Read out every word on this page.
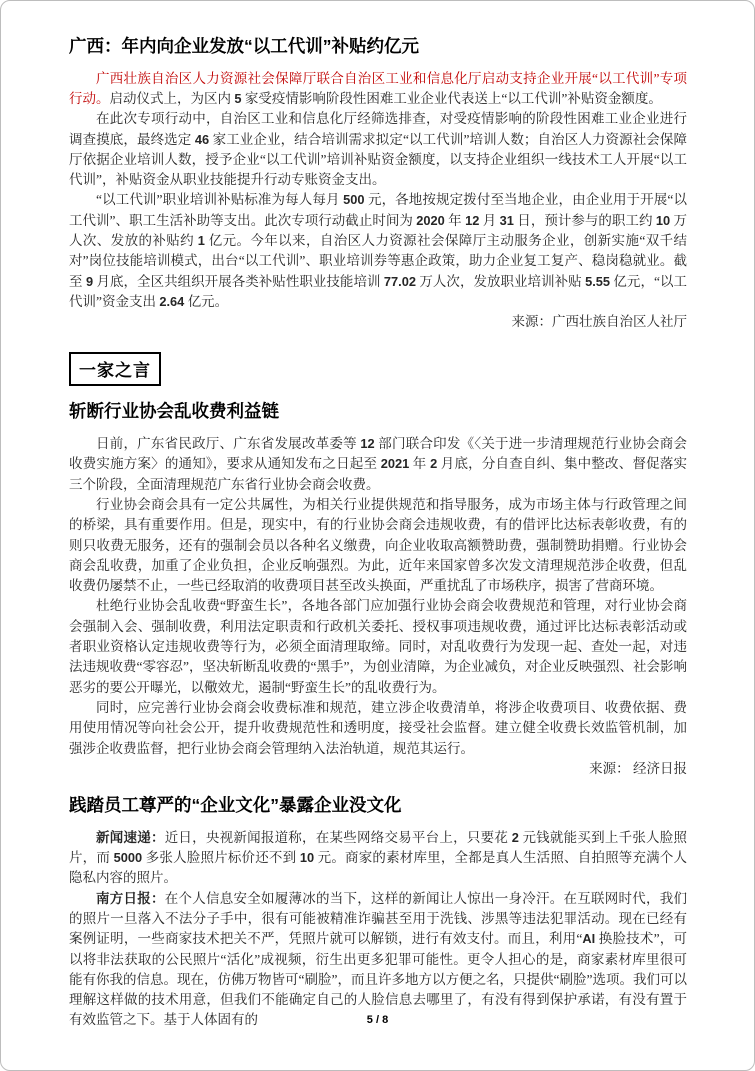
广西：年内向企业发放“以工代训”补贴约亿元

广西壮族自治区人力资源社会保障厅联合自治区工业和信息化厅启动支持企业开展“以工代训”专项行动。启动仪式上，为区内 5 家受疫情影响阶段性困难工业企业代表送上“以工代训”补贴资金额度。

在此次专项行动中，自治区工业和信息化厅经筛选排查，对受疫情影响的阶段性困难工业企业进行调查摸底，最终选定 46 家工业企业，结合培训需求拟定“以工代训”培训人数；自治区人力资源社会保障厅依据企业培训人数，授予企业“以工代训”培训补贴资金额度，以支持企业组织一线技术工人开展“以工代训”，补贴资金从职业技能提升行动专账资金支出。

“以工代训”职业培训补贴标准为每人每月 500 元，各地按规定拨付至当地企业，由企业用于开展“以工代训”、职工生活补助等支出。此次专项行动截止时间为 2020 年 12 月 31 日，预计参与的职工约 10 万人次、发放的补贴约 1 亿元。今年以来，自治区人力资源社会保障厅主动服务企业，创新实施“双千结对”岗位技能培训模式，出台“以工代训”、职业培训券等惠企政策，助力企业复工复产、稳岗稳就业。截至 9 月底，全区共组织开展各类补贴性职业技能培训 77.02 万人次，发放职业培训补贴 5.55 亿元，“以工代训”资金支出 2.64 亿元。

来源：广西壮族自治区人社厅

一家之言
斩断行业协会乱收费利益链

日前，广东省民政厅、广东省发展改革委等 12 部门联合印发《〈关于进一步清理规范行业协会商会收费实施方案〉的通知》，要求从通知发布之日起至 2021 年 2 月底，分自查自纠、集中整改、督促落实三个阶段，全面清理规范广东省行业协会商会收费。

行业协会商会具有一定公共属性，为相关行业提供规范和指导服务，成为市场主体与行政管理之间的桥梁，具有重要作用。但是，现实中，有的行业协会商会违规收费，有的借评比达标表彰收费，有的则只收费无服务，还有的强制会员以各种名义缴费，向企业收取高额赞助费，强制赞助捐赠。行业协会商会乱收费，加重了企业负担，企业反响强烈。为此，近年来国家曾多次发文清理规范涉企收费，但乱收费仍屡禁不止，一些已经取消的收费项目甚至改头换面，严重扰乱了市场秩序，损害了营商环境。

杜绝行业协会乱收费“野蛮生长”，各地各部门应加强行业协会商会收费规范和管理，对行业协会商会强制入会、强制收费，利用法定职责和行政机关委托、授权事项违规收费，通过评比达标表彰活动或者职业资格认定违规收费等行为，必须全面清理取缔。同时，对乱收费行为发现一起、查处一起，对违法违规收费“零容忍”，坚决斩断乱收费的“黑手”，为创业清障，为企业减负，对企业反映强烈、社会影响恶劣的要公开曝光，以儆效尤，遏制“野蛮生长”的乱收费行为。

同时，应完善行业协会商会收费标准和规范，建立涉企收费清单，将涉企收费项目、收费依据、费用使用情况等向社会公开，提升收费规范性和透明度，接受社会监督。建立健全收费长效监管机制，加强涉企收费监督，把行业协会商会管理纳入法治轨道，规范其运行。

来源： 经济日报

践踏员工尊严的“企业文化”暴露企业没文化

新闻速递：近日，央视新闻报道称，在某些网络交易平台上，只要花 2 元钱就能买到上千张人脸照片，而 5000 多张人脸照片标价还不到 10 元。商家的素材库里，全都是真人生活照、自拍照等充满个人隐私内容的照片。

南方日报：在个人信息安全如履薄冰的当下，这样的新闻让人惊出一身冷汗。在互联网时代，我们的照片一旦落入不法分子手中，很有可能被精准诈骗甚至用于洗钱、涉黑等违法犯罪活动。现在已经有案例证明，一些商家技术把关不严，凭照片就可以解锁，进行有效支付。而且，利用“AI 换脸技术”，可以将非法获取的公民照片“活化”成视频，衍生出更多犯罪可能性。更令人担心的是，商家素材库里很可能有你我的信息。现在，仿佛万物皆可“刷脸”，而且许多地方以方便之名，只提供“刷脸”选项。我们可以理解这样做的技术用意，但我们不能确定自己的人脸信息去哪里了，有没有得到保护承诺，有没有置于有效监管之下。基于人体固有的	5 / 8
